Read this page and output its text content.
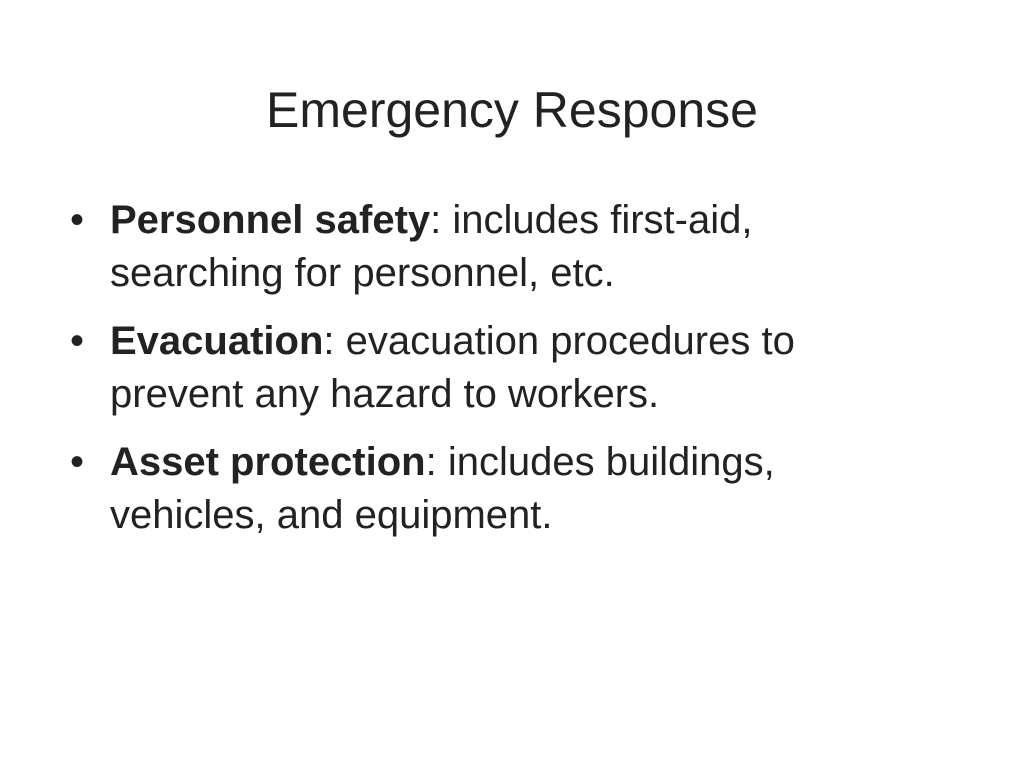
Emergency Response
• Personnel safety: includes first-aid, searching for personnel, etc.
• Evacuation: evacuation procedures to prevent any hazard to workers.
• Asset protection: includes buildings, vehicles, and equipment.
